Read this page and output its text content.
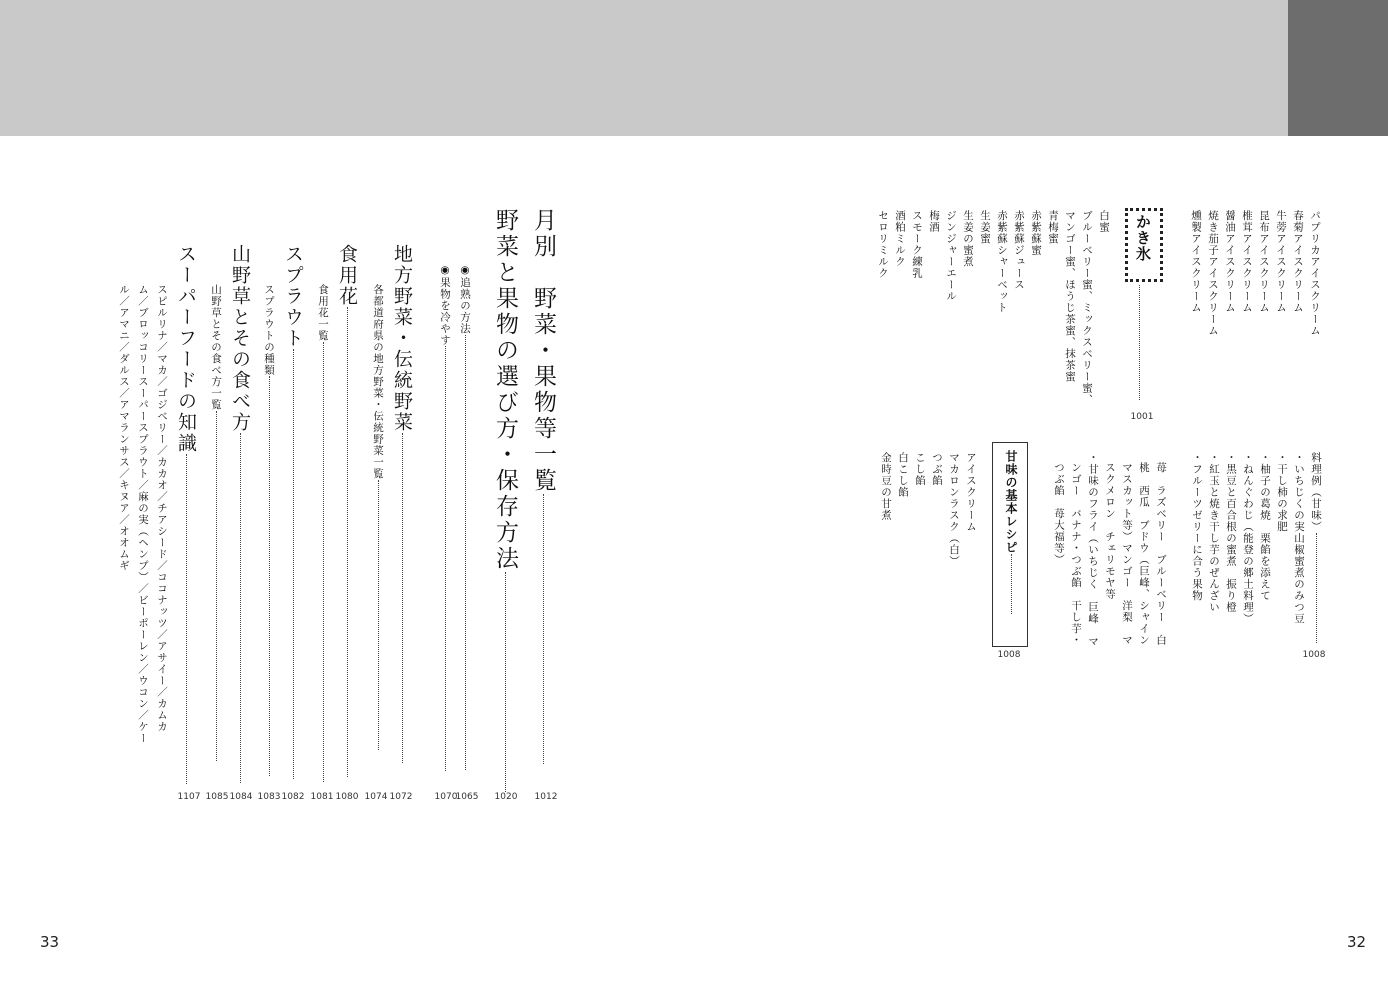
パプリカアイスクリーム
春菊アイスクリーム
牛蒡アイスクリーム
昆布アイスクリーム
椎茸アイスクリーム
醤油アイスクリーム
焼き茄子アイスクリーム
燻製アイスクリーム
料理例（甘味）
1008
・いちじくの実山椒蜜煮のみつ豆
・干し柿の求肥
・柚子の葛焼　栗餡を添えて
・ねんぐわじ（能登の郷土料理）
・黒豆と百合根の蜜煮　振り橙
・紅玉と焼き干し芋のぜんざい
・フルーツゼリーに合う果物
苺　ラズベリー　ブルーベリー　白
桃　西瓜　ブドウ（巨峰、シャイン
マスカット等）マンゴー　洋梨　マ
スクメロン　チェリモヤ等
・甘味のフライ（いちじく　巨峰　マ
ンゴー　バナナ・つぶ餡　干し芋・
つぶ餡　苺大福等）
かき氷
1001
白蜜
ブルーベリー蜜、ミックスベリー蜜、
マンゴー蜜、ほうじ茶蜜、抹茶蜜
青梅蜜
赤紫蘇蜜
赤紫蘇ジュース
赤紫蘇シャーベット
生姜蜜
生姜の蜜煮
ジンジャーエール
梅酒
スモーク練乳
酒粕ミルク
セロリミルク
甘味の基本レシピ
1008
アイスクリーム
マカロンラスク（白）
つぶ餡
こし餡
白こし餡
金時豆の甘煮
32
月別　野菜・果物等一覧
1012
野菜と果物の選び方・保存方法
1020
◉追熟の方法
1065
◉果物を冷やす
1070
地方野菜・伝統野菜
1072
各都道府県の地方野菜・伝統野菜一覧
1074
食用花
1080
食用花一覧
1081
スプラウト
1082
スプラウトの種類
1083
山野草とその食べ方
1084
山野草とその食べ方一覧
1085
スーパーフードの知識
1107
スピルリナ／マカ／ゴジベリー／カカオ／チアシード／ココナッツ／アサイー／カムカ
ム／ブロッコリースーパースプラウト／麻の実（ヘンプ）／ビーポーレン／ウコン／ケー
ル／アマニ／ダルス／アマランサス／キヌア／オオムギ
33
